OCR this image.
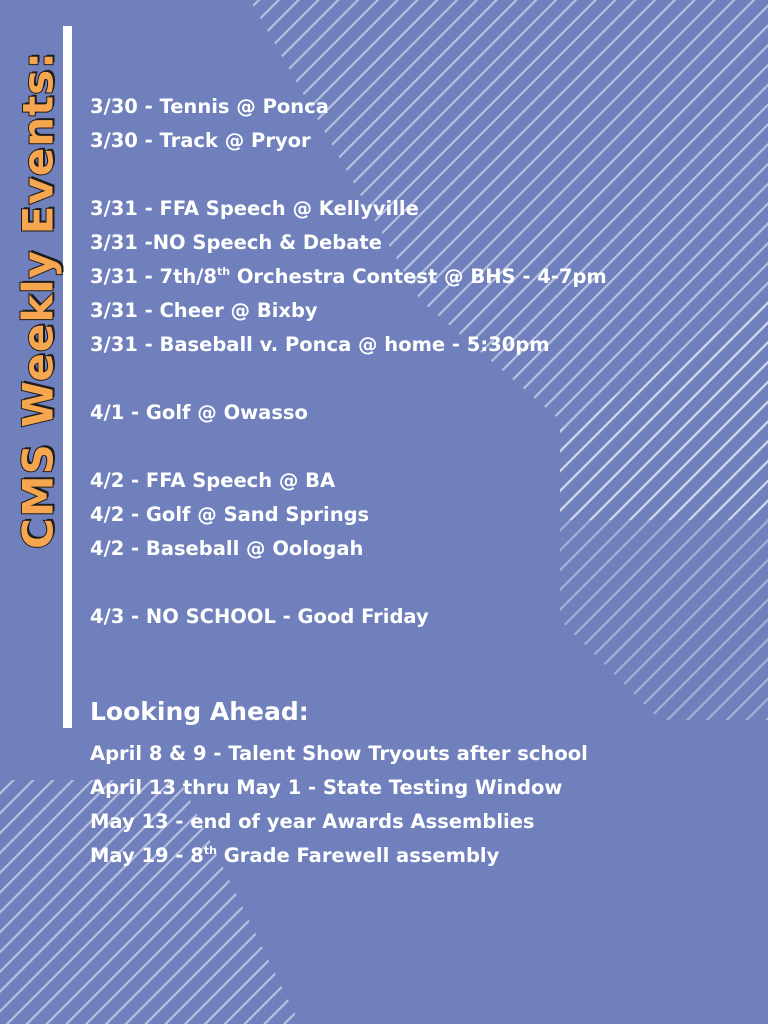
CMS Weekly Events: 3/30 - Tennis @ Ponca
3/30 - Track @ Pryor
3/31 - FFA Speech @ Kellyville
3/31 -NO Speech & Debate
3/31 - 7th/8th Orchestra Contest @ BHS - 4-7pm
3/31 - Cheer @ Bixby
3/31 - Baseball v. Ponca @ home - 5:30pm
4/1 - Golf @ Owasso
4/2 - FFA Speech @ BA
4/2 - Golf @ Sand Springs
4/2 - Baseball @ Oologah
4/3 - NO SCHOOL - Good Friday
Looking Ahead:
April 8 & 9 - Talent Show Tryouts after school
April 13 thru May 1 - State Testing Window
May 13 - end of year Awards Assemblies
May 19 - 8th Grade Farewell assembly
